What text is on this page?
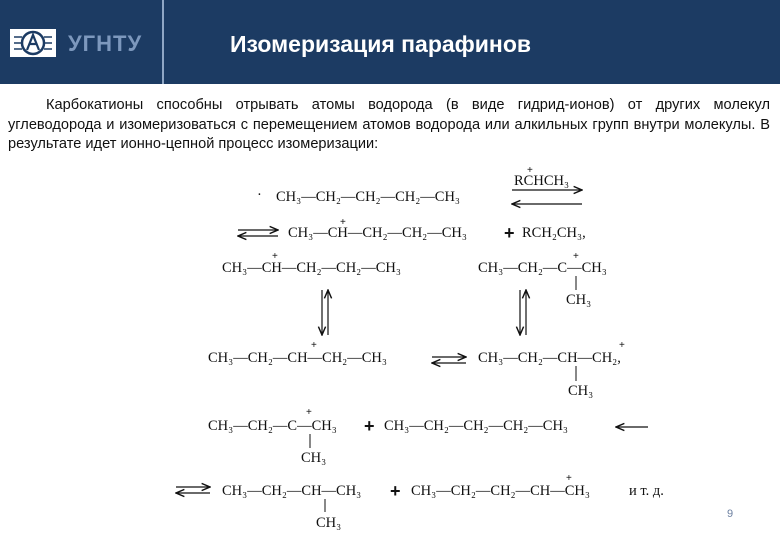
УГНТУ	Изомеризация парафинов
Карбокатионы способны отрывать атомы водорода (в виде гидрид-ионов) от других молекул углеводорода и изомеризоваться с перемещением атомов водорода или алкильных групп внутри молекулы. В результате идет ионно-цепной процесс изомеризации:
· CH₃—CH₂—CH₂—CH₂—CH₃
+
RCHCH₃
+
CH₃—CH—CH₂—CH₂—CH₃ + RCH₂CH₃,
+
CH₃—CH—CH₂—CH₂—CH₃
+
CH₃—CH₂—C—CH₃
CH₃
+
CH₃—CH₂—CH—CH₂—CH₃
+
CH₃—CH₂—CH—CH₂,
CH₃
+
CH₃—CH₂—C—CH₃
CH₃
+ CH₃—CH₂—CH₂—CH₂—CH₃
CH₃—CH₂—CH—CH₃
CH₃
+
+
CH₃—CH₂—CH₂—CH—CH₃	и т. д.
9
